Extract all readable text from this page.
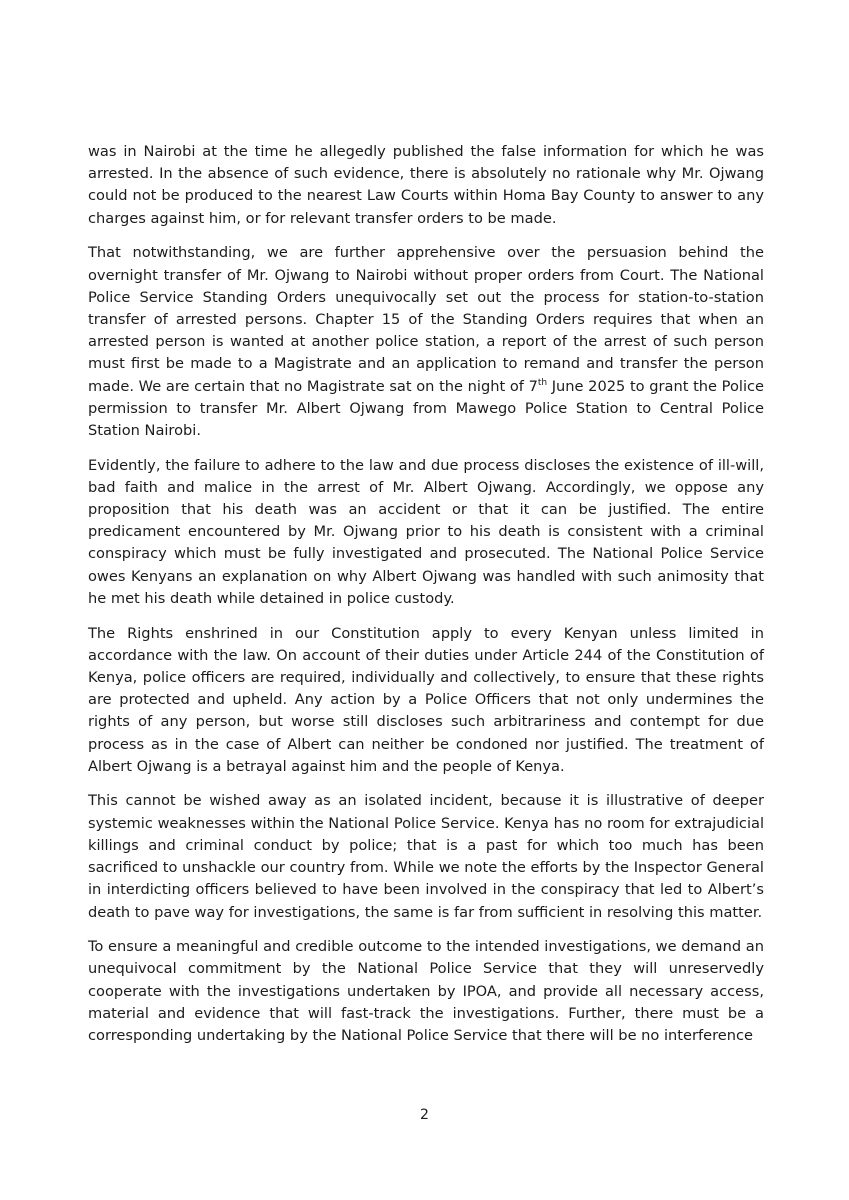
was in Nairobi at the time he allegedly published the false information for which he was arrested. In the absence of such evidence, there is absolutely no rationale why Mr. Ojwang could not be produced to the nearest Law Courts within Homa Bay County to answer to any charges against him, or for relevant transfer orders to be made.

That notwithstanding, we are further apprehensive over the persuasion behind the overnight transfer of Mr. Ojwang to Nairobi without proper orders from Court. The National Police Service Standing Orders unequivocally set out the process for station-to-station transfer of arrested persons. Chapter 15 of the Standing Orders requires that when an arrested person is wanted at another police station, a report of the arrest of such person must first be made to a Magistrate and an application to remand and transfer the person made. We are certain that no Magistrate sat on the night of 7th June 2025 to grant the Police permission to transfer Mr. Albert Ojwang from Mawego Police Station to Central Police Station Nairobi.

Evidently, the failure to adhere to the law and due process discloses the existence of ill-will, bad faith and malice in the arrest of Mr. Albert Ojwang. Accordingly, we oppose any proposition that his death was an accident or that it can be justified. The entire predicament encountered by Mr. Ojwang prior to his death is consistent with a criminal conspiracy which must be fully investigated and prosecuted. The National Police Service owes Kenyans an explanation on why Albert Ojwang was handled with such animosity that he met his death while detained in police custody.

The Rights enshrined in our Constitution apply to every Kenyan unless limited in accordance with the law. On account of their duties under Article 244 of the Constitution of Kenya, police officers are required, individually and collectively, to ensure that these rights are protected and upheld. Any action by a Police Officers that not only undermines the rights of any person, but worse still discloses such arbitrariness and contempt for due process as in the case of Albert can neither be condoned nor justified. The treatment of Albert Ojwang is a betrayal against him and the people of Kenya.

This cannot be wished away as an isolated incident, because it is illustrative of deeper systemic weaknesses within the National Police Service. Kenya has no room for extrajudicial killings and criminal conduct by police; that is a past for which too much has been sacrificed to unshackle our country from. While we note the efforts by the Inspector General in interdicting officers believed to have been involved in the conspiracy that led to Albert’s death to pave way for investigations, the same is far from sufficient in resolving this matter.

To ensure a meaningful and credible outcome to the intended investigations, we demand an unequivocal commitment by the National Police Service that they will unreservedly cooperate with the investigations undertaken by IPOA, and provide all necessary access, material and evidence that will fast-track the investigations. Further, there must be a corresponding undertaking by the National Police Service that there will be no interference

2
